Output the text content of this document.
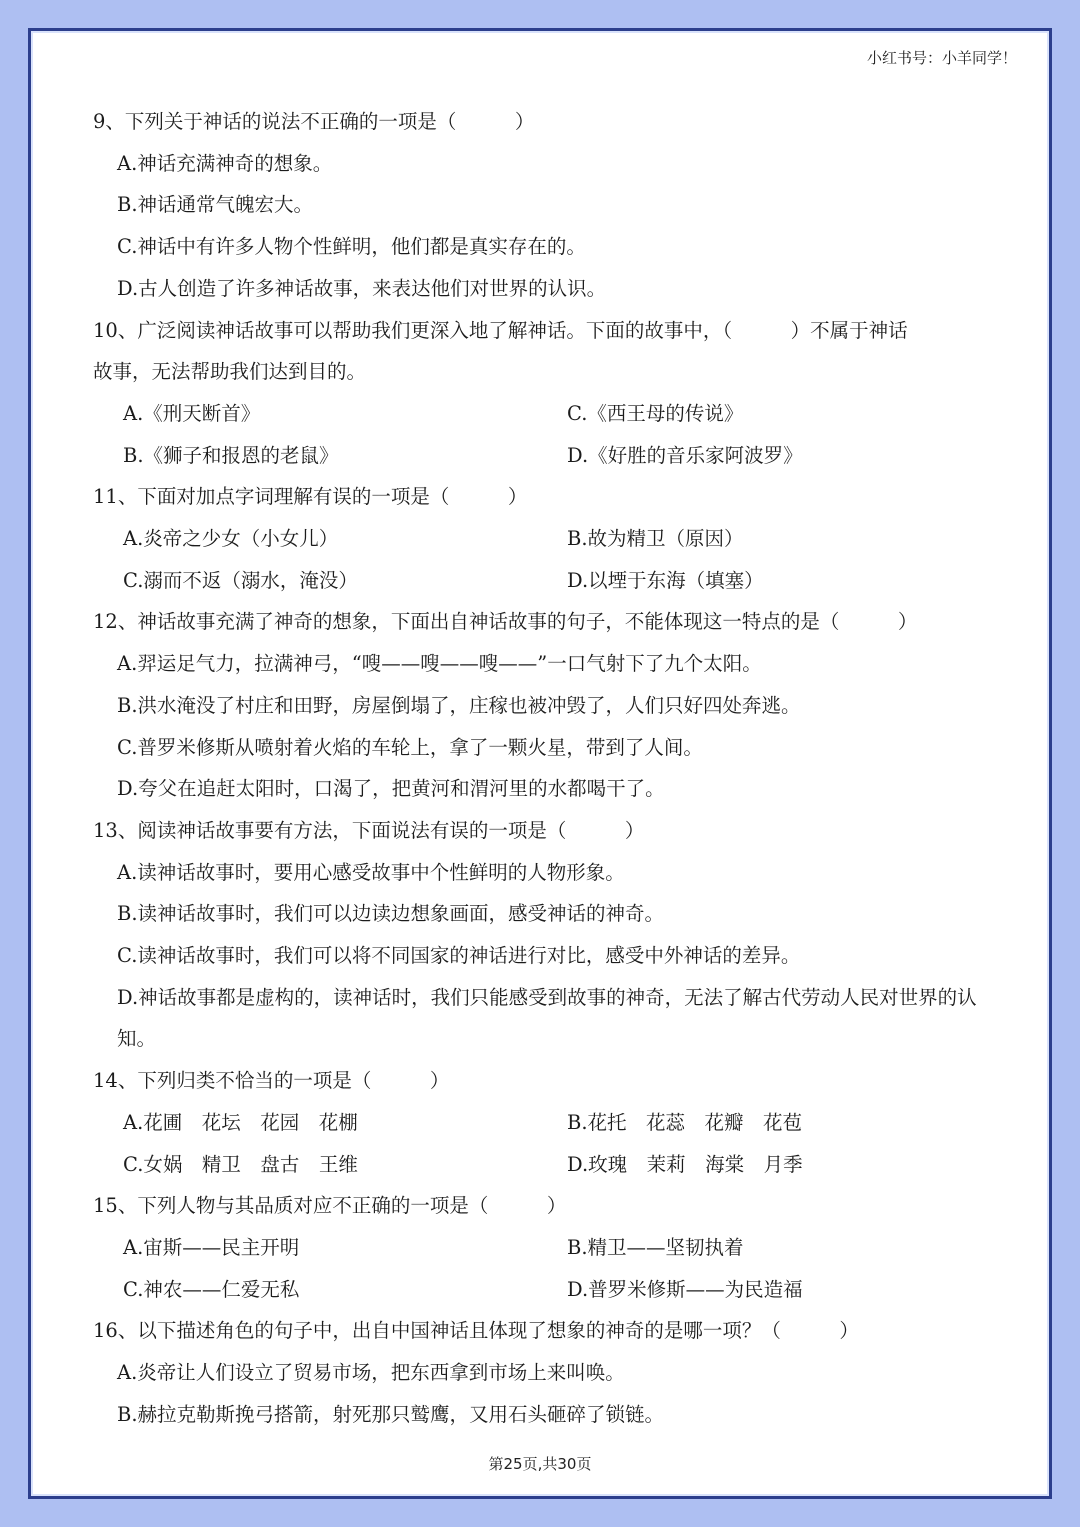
小红书号：小羊同学！
9、下列关于神话的说法不正确的一项是（　　　）
A.神话充满神奇的想象。
B.神话通常气魄宏大。
C.神话中有许多人物个性鲜明，他们都是真实存在的。
D.古人创造了许多神话故事，来表达他们对世界的认识。
10、广泛阅读神话故事可以帮助我们更深入地了解神话。下面的故事中，（　　　）不属于神话
故事，无法帮助我们达到目的。
A.《刑天断首》	C.《西王母的传说》
B.《狮子和报恩的老鼠》	D.《好胜的音乐家阿波罗》
11、下面对加点字词理解有误的一项是（　　　）
A.炎帝之少女（小女儿）	B.故为精卫（原因）
C.溺而不返（溺水，淹没）	D.以堙于东海（填塞）
12、神话故事充满了神奇的想象，下面出自神话故事的句子，不能体现这一特点的是（　　　）
A.羿运足气力，拉满神弓，“嗖——嗖——嗖——”一口气射下了九个太阳。
B.洪水淹没了村庄和田野，房屋倒塌了，庄稼也被冲毁了，人们只好四处奔逃。
C.普罗米修斯从喷射着火焰的车轮上，拿了一颗火星，带到了人间。
D.夸父在追赶太阳时，口渴了，把黄河和渭河里的水都喝干了。
13、阅读神话故事要有方法，下面说法有误的一项是（　　　）
A.读神话故事时，要用心感受故事中个性鲜明的人物形象。
B.读神话故事时，我们可以边读边想象画面，感受神话的神奇。
C.读神话故事时，我们可以将不同国家的神话进行对比，感受中外神话的差异。
D.神话故事都是虚构的，读神话时，我们只能感受到故事的神奇，无法了解古代劳动人民对世界的认知。
14、下列归类不恰当的一项是（　　　）
A.花圃　花坛　花园　花棚	B.花托　花蕊　花瓣　花苞
C.女娲　精卫　盘古　王维	D.玫瑰　茉莉　海棠　月季
15、下列人物与其品质对应不正确的一项是（　　　）
A.宙斯——民主开明	B.精卫——坚韧执着
C.神农——仁爱无私	D.普罗米修斯——为民造福
16、以下描述角色的句子中，出自中国神话且体现了想象的神奇的是哪一项？（　　　）
A.炎帝让人们设立了贸易市场，把东西拿到市场上来叫唤。
B.赫拉克勒斯挽弓搭箭，射死那只鹫鹰，又用石头砸碎了锁链。
第25页,共30页
